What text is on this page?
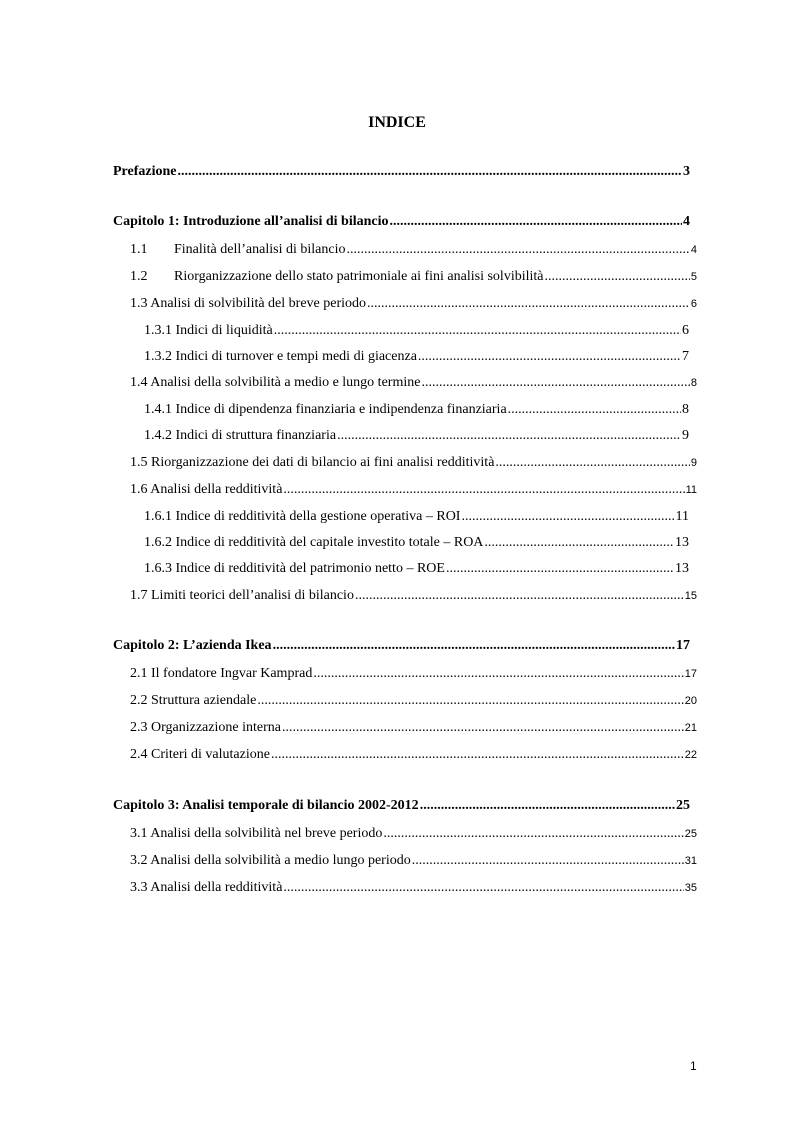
INDICE
Prefazione .....	3
Capitolo 1: Introduzione all’analisi di bilancio .....	4
1.1 Finalità dell’analisi di bilancio .....	4
1.2 Riorganizzazione dello stato patrimoniale ai fini analisi solvibilità .....	5
1.3 Analisi di solvibilità del breve periodo .....	6
1.3.1 Indici di liquidità .....	6
1.3.2 Indici di turnover e tempi medi di giacenza .....	7
1.4 Analisi della solvibilità a medio e lungo termine .....	8
1.4.1 Indice di dipendenza finanziaria e indipendenza finanziaria .....	8
1.4.2 Indici di struttura finanziaria .....	9
1.5 Riorganizzazione dei dati di bilancio ai fini analisi redditività .....	9
1.6 Analisi della redditività .....	11
1.6.1 Indice di redditività della gestione operativa – ROI .....	11
1.6.2 Indice di redditività del capitale investito totale – ROA .....	13
1.6.3 Indice di redditività del patrimonio netto – ROE .....	13
1.7 Limiti teorici dell’analisi di bilancio .....	15
Capitolo 2: L’azienda Ikea .....	17
2.1 Il fondatore Ingvar Kamprad .....	17
2.2 Struttura aziendale .....	20
2.3 Organizzazione interna .....	21
2.4 Criteri di valutazione .....	22
Capitolo 3: Analisi temporale di bilancio 2002-2012 .....	25
3.1 Analisi della solvibilità nel breve periodo .....	25
3.2 Analisi della solvibilità a medio lungo periodo .....	31
3.3 Analisi della redditività .....	35
1
